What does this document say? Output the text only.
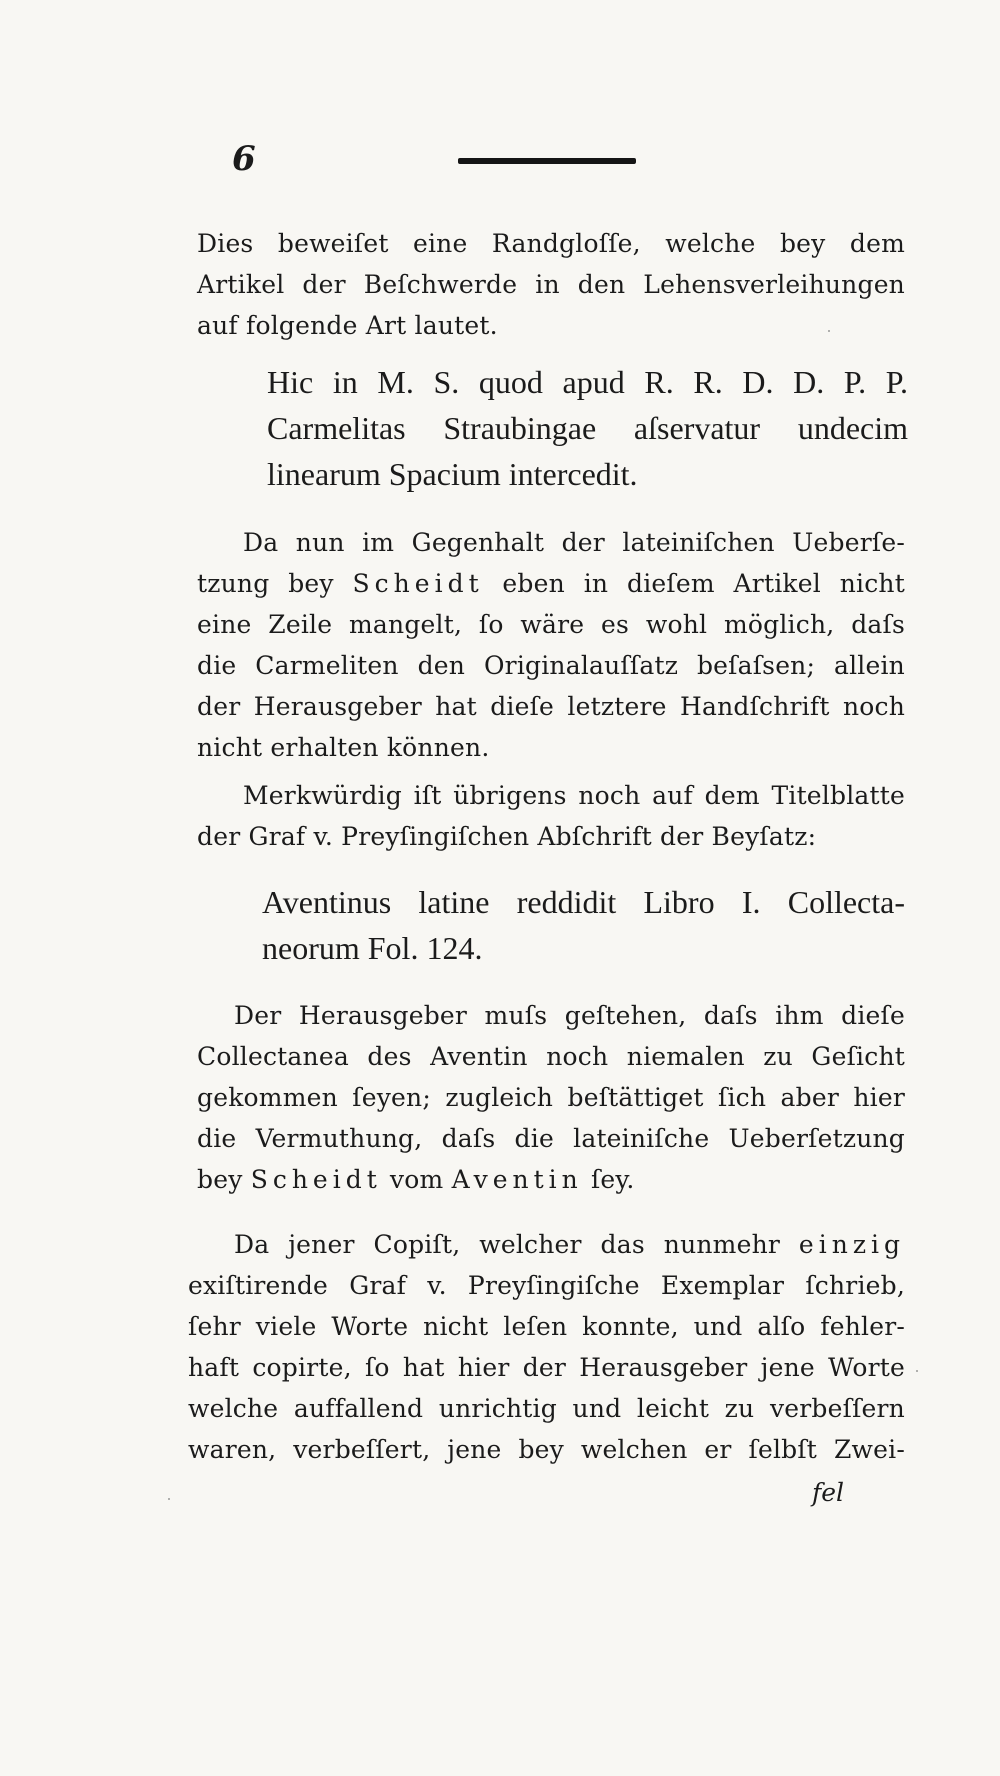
6

Dies beweiſet eine Randgloſſe, welche bey dem
Artikel der Beſchwerde in den Lehensverleihungen
auf folgende Art lautet.

Hic in M. S. quod apud R. R. D. D. P. P.
Carmelitas Straubingae aſservatur undecim
linearum Spacium intercedit.

Da nun im Gegenhalt der lateiniſchen Ueberſe-
tzung bey Scheidt eben in dieſem Artikel nicht
eine Zeile mangelt, ſo wäre es wohl möglich, daſs
die Carmeliten den Originalauſſatz beſaſsen; allein
der Herausgeber hat dieſe letztere Handſchrift noch
nicht erhalten können.

Merkwürdig iſt übrigens noch auf dem Titelblatte
der Graf v. Preyſingiſchen Abſchrift der Beyſatz:

Aventinus latine reddidit Libro I. Collecta-
neorum Fol. 124.

Der Herausgeber muſs geſtehen, daſs ihm dieſe
Collectanea des Aventin noch niemalen zu Geſicht
gekommen ſeyen; zugleich beſtättiget ſich aber hier
die Vermuthung, daſs die lateiniſche Ueberſetzung
bey Scheidt vom Aventin ſey.

Da jener Copiſt, welcher das nunmehr einzig
exiſtirende Graf v. Preyſingiſche Exemplar ſchrieb,
ſehr viele Worte nicht leſen konnte, und alſo fehler-
haft copirte, ſo hat hier der Herausgeber jene Worte
welche auffallend unrichtig und leicht zu verbeſſern
waren, verbeſſert, jene bey welchen er ſelbſt Zwei-

fel
